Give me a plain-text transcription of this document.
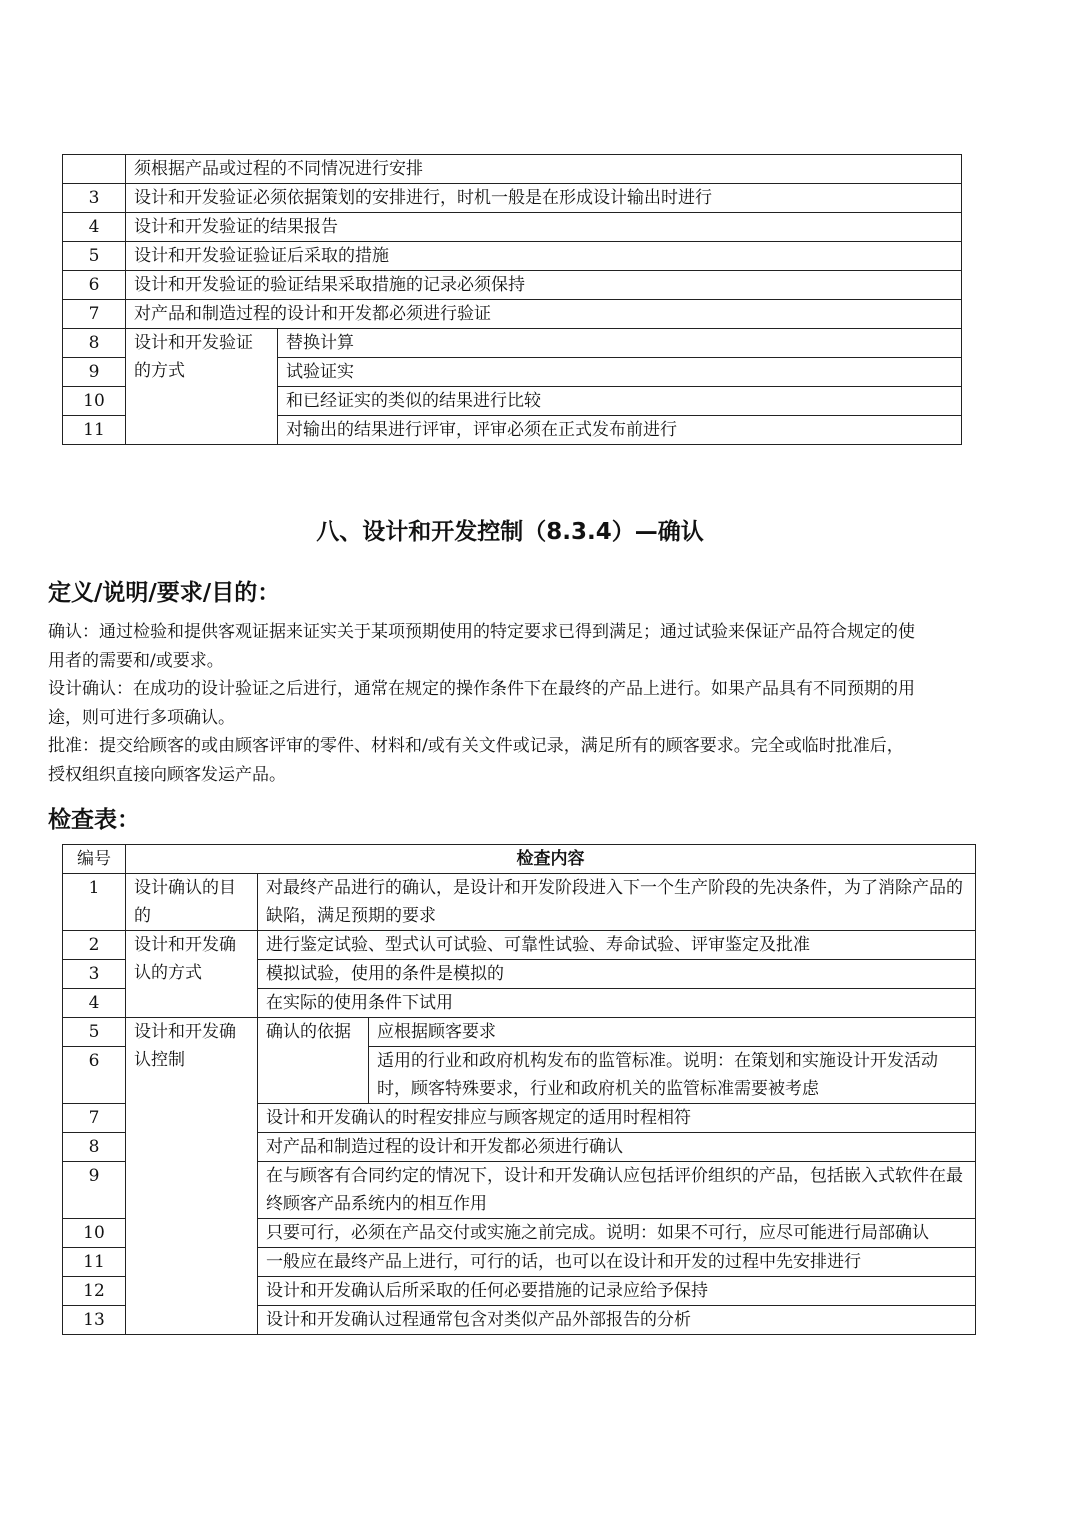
	须根据产品或过程的不同情况进行安排	
3	设计和开发验证必须依据策划的安排进行，时机一般是在形成设计输出时进行	
4	设计和开发验证的结果报告	
5	设计和开发验证验证后采取的措施	
6	设计和开发验证的验证结果采取措施的记录必须保持	
7	对产品和制造过程的设计和开发都必须进行验证	
8	设计和开发验证的方式	替换计算
9		试验证实
10		和已经证实的类似的结果进行比较
11		对输出的结果进行评审，评审必须在正式发布前进行
八、设计和开发控制（8.3.4）—确认
定义/说明/要求/目的：

确认：通过检验和提供客观证据来证实关于某项预期使用的特定要求已得到满足；通过试验来保证产品符合规定的使用者的需要和/或要求。

设计确认：在成功的设计验证之后进行，通常在规定的操作条件下在最终的产品上进行。如果产品具有不同预期的用途，则可进行多项确认。

批准：提交给顾客的或由顾客评审的零件、材料和/或有关文件或记录，满足所有的顾客要求。完全或临时批准后，授权组织直接向顾客发运产品。

检查表：
编号	检查内容		
1	设计确认的目的	对最终产品进行的确认，是设计和开发阶段进入下一个生产阶段的先决条件，为了消除产品的缺陷，满足预期的要求	
2	设计和开发确认的方式	进行鉴定试验、型式认可试验、可靠性试验、寿命试验、评审鉴定及批准	
3		模拟试验，使用的条件是模拟的	
4		在实际的使用条件下试用	
5	设计和开发确认控制	确认的依据	应根据顾客要求
6			适用的行业和政府机构发布的监管标准。说明：在策划和实施设计开发活动时，顾客特殊要求，行业和政府机关的监管标准需要被考虑
7		设计和开发确认的时程安排应与顾客规定的适用时程相符	
8		对产品和制造过程的设计和开发都必须进行确认	
9		在与顾客有合同约定的情况下，设计和开发确认应包括评价组织的产品，包括嵌入式软件在最终顾客产品系统内的相互作用	
10		只要可行，必须在产品交付或实施之前完成。说明：如果不可行，应尽可能进行局部确认	
11		一般应在最终产品上进行，可行的话，也可以在设计和开发的过程中先安排进行	
12		设计和开发确认后所采取的任何必要措施的记录应给予保持	
13		设计和开发确认过程通常包含对类似产品外部报告的分析	
